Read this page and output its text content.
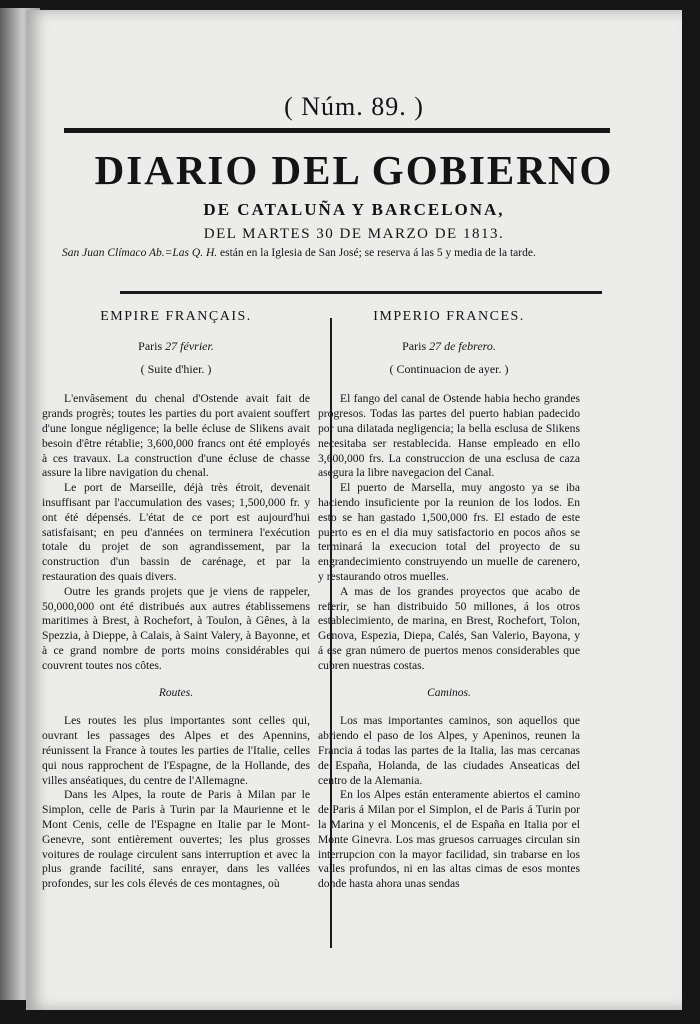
( Núm. 89. )
DIARIO DEL GOBIERNO
DE CATALUÑA Y BARCELONA,
DEL MARTES 30 DE MARZO DE 1813.
San Juan Clímaco Ab.=Las Q. H. están en la Iglesia de San José; se reserva á las 5 y media de la tarde.
EMPIRE FRANÇAIS.
Paris 27 février.
( Suite d'hier. )

L'envâsement du chenal d'Ostende avait fait de grands progrès; toutes les parties du port avaient souffert d'une longue négligence; la belle écluse de Slikens avait besoin d'être rétablie; 3,600,000 francs ont été employés à ces travaux. La construction d'une écluse de chasse assure la libre navigation du chenal.

Le port de Marseille, déjà très étroit, devenait insuffisant par l'accumulation des vases; 1,500,000 fr. y ont été dépensés. L'état de ce port est aujourd'hui satisfaisant; en peu d'années on terminera l'exécution totale du projet de son agrandissement, par la construction d'un bassin de carénage, et par la restauration des quais divers.

Outre les grands projets que je viens de rappeler, 50,000,000 ont été distribués aux autres établissemens maritimes à Brest, à Rochefort, à Toulon, à Gênes, à la Spezzia, à Dieppe, à Calais, à Saint Valery, à Bayonne, et à ce grand nombre de ports moins considérables qui couvrent toutes nos côtes.

Routes.

Les routes les plus importantes sont celles qui, ouvrant les passages des Alpes et des Apennins, réunissent la France à toutes les parties de l'Italie, celles qui nous rapprochent de l'Espagne, de la Hollande, des villes anséatiques, du centre de l'Allemagne.

Dans les Alpes, la route de Paris à Milan par le Simplon, celle de Paris à Turin par la Maurienne et le Mont Cenis, celle de l'Espagne en Italie par le Mont-Genevre, sont entièrement ouvertes; les plus grosses voitures de roulage circulent sans interruption et avec la plus grande facilité, sans enrayer, dans les vallées profondes, sur les cols élevés de ces montagnes, où

IMPERIO FRANCES.
Paris 27 de febrero.
( Continuacion de ayer. )

El fango del canal de Ostende habia hecho grandes progresos. Todas las partes del puerto habian padecido por una dilatada negligencia; la bella esclusa de Slikens necesitaba ser restablecida. Hanse empleado en ello 3,600,000 frs. La construccion de una esclusa de caza asegura la libre navegacion del Canal.

El puerto de Marsella, muy angosto ya se iba haciendo insuficiente por la reunion de los lodos. En esto se han gastado 1,500,000 frs. El estado de este puerto es en el dia muy satisfactorio en pocos años se terminará la execucion total del proyecto de su engrandecimiento construyendo un muelle de carenero, y restaurando otros muelles.

A mas de los grandes proyectos que acabo de referir, se han distribuido 50 millones, á los otros establecimiento, de marina, en Brest, Rochefort, Tolon, Genova, Espezia, Diepa, Calés, San Valerio, Bayona, y á ese gran número de puertos menos considerables que cubren nuestras costas.

Caminos.

Los mas importantes caminos, son aquellos que abriendo el paso de los Alpes, y Apeninos, reunen la Francia á todas las partes de la Italia, las mas cercanas de España, Holanda, de las ciudades Anseaticas del centro de la Alemania.

En los Alpes están enteramente abiertos el camino de Paris á Milan por el Simplon, el de Paris á Turin por la Marina y el Moncenis, el de España en Italia por el Monte Ginevra. Los mas gruesos carruages circulan sin interrupcion con la mayor facilidad, sin trabarse en los valles profundos, ni en las altas cimas de esos montes donde hasta ahora unas sendas
